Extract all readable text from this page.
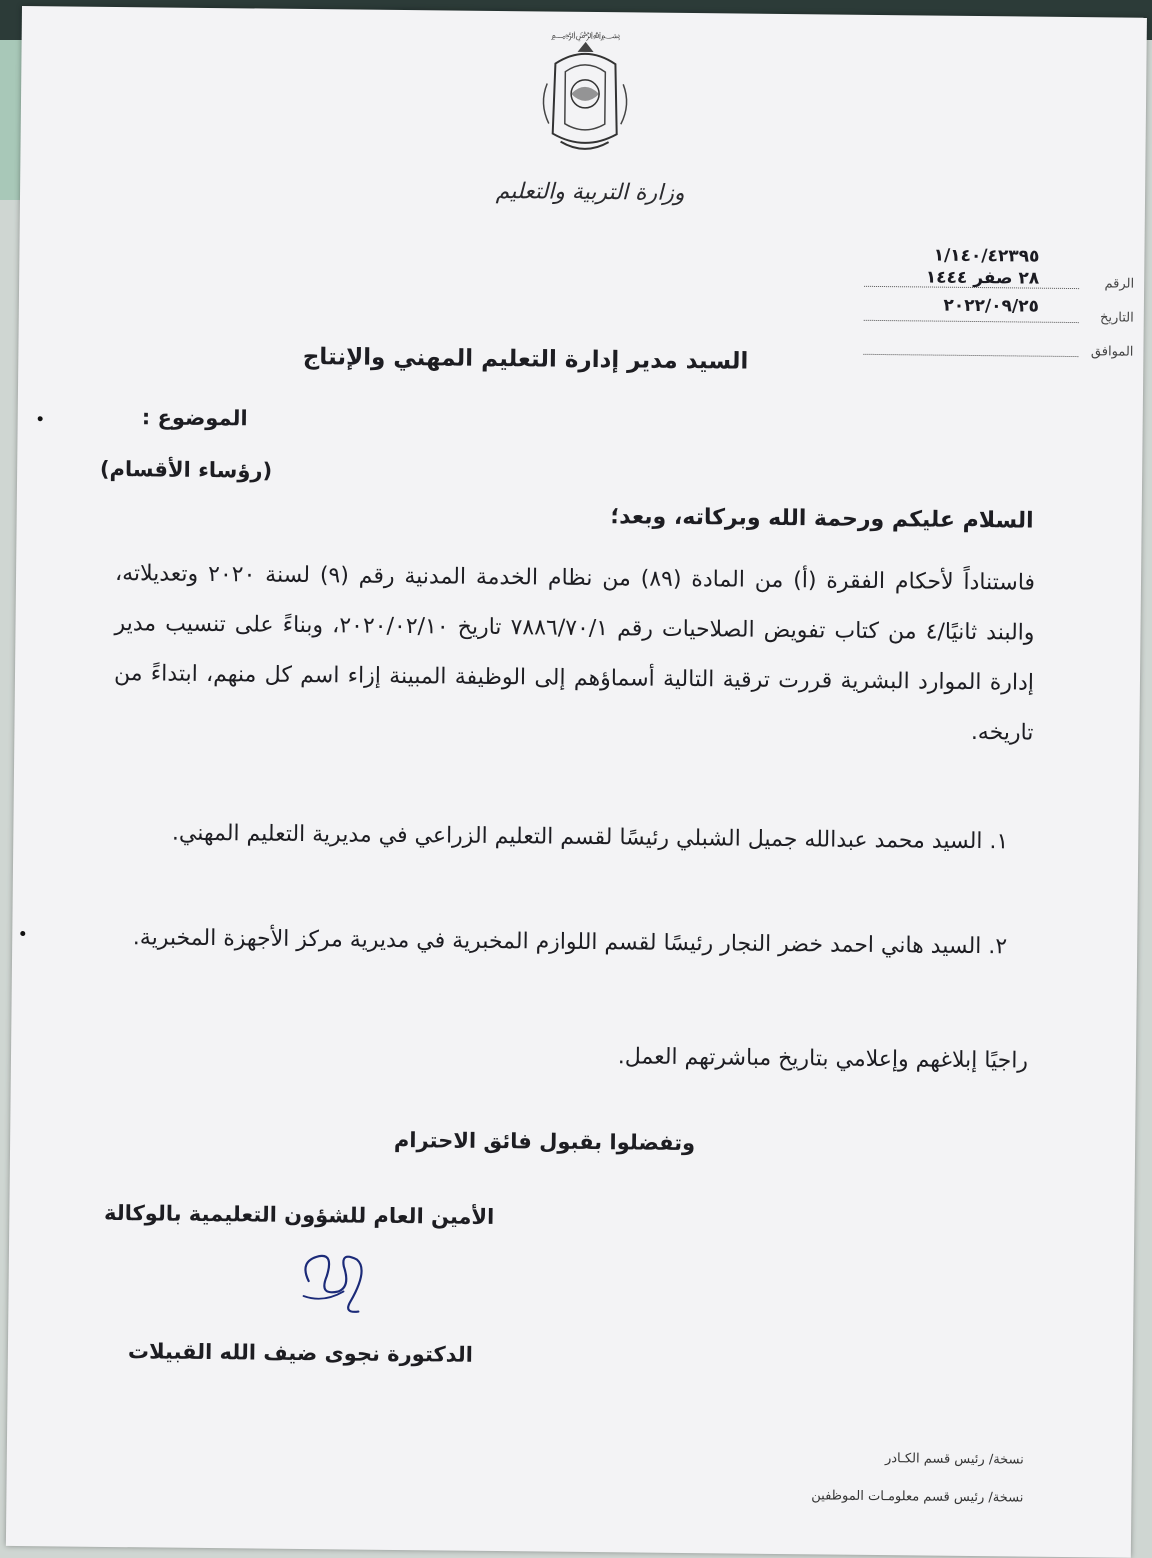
﷽
وزارة التربية والتعليم
١/١٤٠/٤٢٣٩٥
٢٨ صفر ١٤٤٤
٢٠٢٢/٠٩/٢٥
الرقم
التاريخ
الموافق
السيد مدير إدارة التعليم المهني والإنتاج
الموضوع :
(رؤساء الأقسام)
السلام عليكم ورحمة الله وبركاته، وبعد؛
فاستناداً لأحكام الفقرة (أ) من المادة (٨٩) من نظام الخدمة المدنية رقم (٩) لسنة ٢٠٢٠ وتعديلاته، والبند ثانيًا/٤ من كتاب تفويض الصلاحيات رقم ٧٨٨٦/٧٠/١ تاريخ ٢٠٢٠/٠٢/١٠، وبناءً على تنسيب مدير إدارة الموارد البشرية قررت ترقية التالية أسماؤهم إلى الوظيفة المبينة إزاء اسم كل منهم، ابتداءً من تاريخه.
١. السيد محمد عبدالله جميل الشبلي رئيسًا لقسم التعليم الزراعي في مديرية التعليم المهني.
٢. السيد هاني احمد خضر النجار رئيسًا لقسم اللوازم المخبرية في مديرية مركز الأجهزة المخبرية.
راجيًا إبلاغهم وإعلامي بتاريخ مباشرتهم العمل.
وتفضلوا بقبول فائق الاحترام
الأمين العام للشؤون التعليمية بالوكالة
الدكتورة نجوى ضيف الله القبيلات
نسخة/ رئيس قسم الكـادر
نسخة/ رئيس قسم معلومـات الموظفين
